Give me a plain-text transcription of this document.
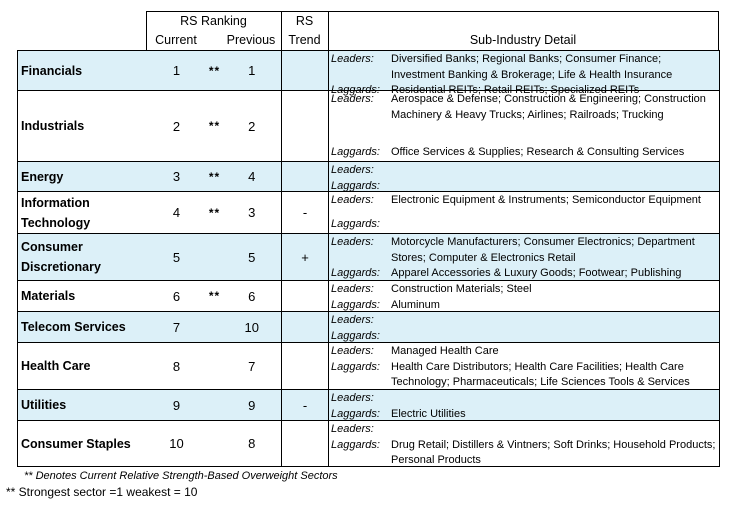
RS Ranking
Current	Previous
RS
Trend	Sub-Industry Detail
Financials	1	**	1		Leaders: Diversified Banks; Regional Banks; Consumer Finance; Investment Banking & Brokerage; Life & Health Insurance
Laggards: Residential REITs; Retail REITs; Specialized REITs

Industrials	2	**	2		Leaders: Aerospace & Defense; Construction & Engineering; Construction Machinery & Heavy Trucks; Airlines; Railroads; Trucking
Laggards: Office Services & Supplies; Research & Consulting Services

Energy	3	**	4		Leaders:
Laggards:

Information Technology	4	**	3	-	Leaders: Electronic Equipment & Instruments; Semiconductor Equipment
Laggards:

Consumer Discretionary	5		5	+	Leaders: Motorcycle Manufacturers; Consumer Electronics; Department Stores; Computer & Electronics Retail
Laggards: Apparel Accessories & Luxury Goods; Footwear; Publishing

Materials	6	**	6		Leaders: Construction Materials; Steel
Laggards: Aluminum

Telecom Services	7		10		Leaders:
Laggards:

Health Care	8		7		Leaders: Managed Health Care
Laggards: Health Care Distributors; Health Care Facilities; Health Care Technology; Pharmaceuticals; Life Sciences Tools & Services

Utilities	9		9	-	Leaders:
Laggards: Electric Utilities

Consumer Staples	10		8		Leaders:
Laggards: Drug Retail; Distillers & Vintners; Soft Drinks; Household Products; Personal Products
** Denotes Current Relative Strength-Based Overweight Sectors
** Strongest sector =1 weakest = 10
